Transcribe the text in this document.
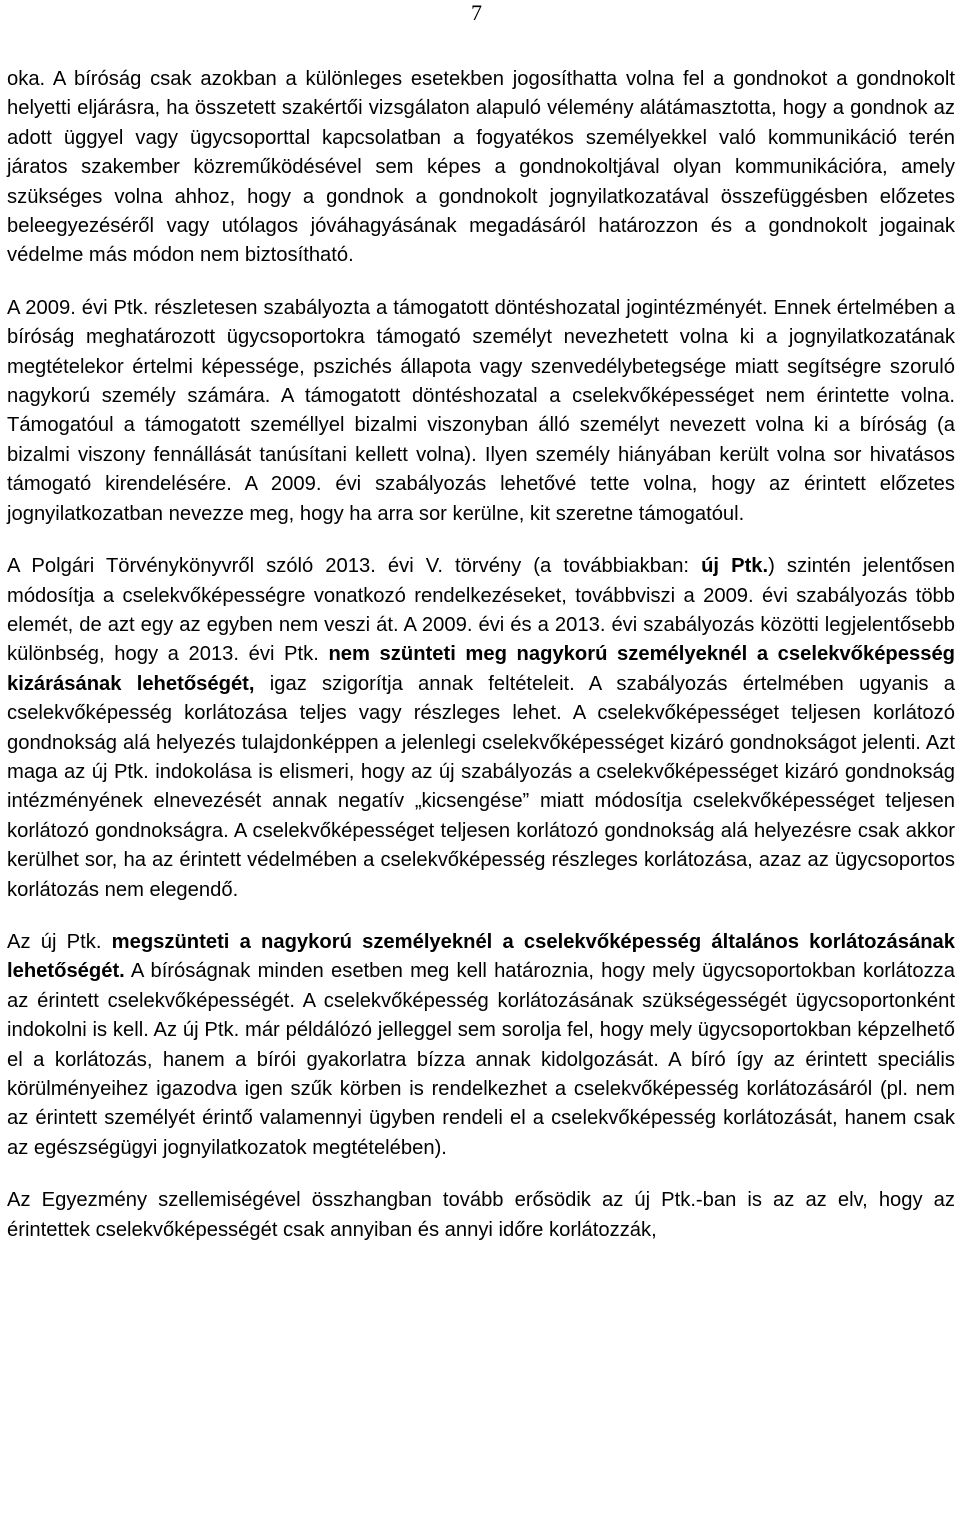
7

oka. A bíróság csak azokban a különleges esetekben jogosíthatta volna fel a gondnokot a gondnokolt helyetti eljárásra, ha összetett szakértői vizsgálaton alapuló vélemény alátámasztotta, hogy a gondnok az adott üggyel vagy ügycsoporttal kapcsolatban a fogyatékos személyekkel való kommunikáció terén járatos szakember közreműködésével sem képes a gondnokoltjával olyan kommunikációra, amely szükséges volna ahhoz, hogy a gondnok a gondnokolt jognyilatkozatával összefüggésben előzetes beleegyezéséről vagy utólagos jóváhagyásának megadásáról határozzon és a gondnokolt jogainak védelme más módon nem biztosítható.

A 2009. évi Ptk. részletesen szabályozta a támogatott döntéshozatal jogintézményét. Ennek értelmében a bíróság meghatározott ügycsoportokra támogató személyt nevezhetett volna ki a jognyilatkozatának megtételekor értelmi képessége, pszichés állapota vagy szenvedélybetegsége miatt segítségre szoruló nagykorú személy számára. A támogatott döntéshozatal a cselekvőképességet nem érintette volna. Támogatóul a támogatott személlyel bizalmi viszonyban álló személyt nevezett volna ki a bíróság (a bizalmi viszony fennállását tanúsítani kellett volna). Ilyen személy hiányában került volna sor hivatásos támogató kirendelésére. A 2009. évi szabályozás lehetővé tette volna, hogy az érintett előzetes jognyilatkozatban nevezze meg, hogy ha arra sor kerülne, kit szeretne támogatóul.

A Polgári Törvénykönyvről szóló 2013. évi V. törvény (a továbbiakban: új Ptk.) szintén jelentősen módosítja a cselekvőképességre vonatkozó rendelkezéseket, továbbviszi a 2009. évi szabályozás több elemét, de azt egy az egyben nem veszi át. A 2009. évi és a 2013. évi szabályozás közötti legjelentősebb különbség, hogy a 2013. évi Ptk. nem szünteti meg nagykorú személyeknél a cselekvőképesség kizárásának lehetőségét, igaz szigorítja annak feltételeit. A szabályozás értelmében ugyanis a cselekvőképesség korlátozása teljes vagy részleges lehet. A cselekvőképességet teljesen korlátozó gondnokság alá helyezés tulajdonképpen a jelenlegi cselekvőképességet kizáró gondnokságot jelenti. Azt maga az új Ptk. indokolása is elismeri, hogy az új szabályozás a cselekvőképességet kizáró gondnokság intézményének elnevezését annak negatív „kicsengése” miatt módosítja cselekvőképességet teljesen korlátozó gondnokságra. A cselekvőképességet teljesen korlátozó gondnokság alá helyezésre csak akkor kerülhet sor, ha az érintett védelmében a cselekvőképesség részleges korlátozása, azaz az ügycsoportos korlátozás nem elegendő.

Az új Ptk. megszünteti a nagykorú személyeknél a cselekvőképesség általános korlátozásának lehetőségét. A bíróságnak minden esetben meg kell határoznia, hogy mely ügycsoportokban korlátozza az érintett cselekvőképességét. A cselekvőképesség korlátozásának szükségességét ügycsoportonként indokolni is kell. Az új Ptk. már példálózó jelleggel sem sorolja fel, hogy mely ügycsoportokban képzelhető el a korlátozás, hanem a bírói gyakorlatra bízza annak kidolgozását. A bíró így az érintett speciális körülményeihez igazodva igen szűk körben is rendelkezhet a cselekvőképesség korlátozásáról (pl. nem az érintett személyét érintő valamennyi ügyben rendeli el a cselekvőképesség korlátozását, hanem csak az egészségügyi jognyilatkozatok megtételében).

Az Egyezmény szellemiségével összhangban tovább erősödik az új Ptk.-ban is az az elv, hogy az érintettek cselekvőképességét csak annyiban és annyi időre korlátozzák,
